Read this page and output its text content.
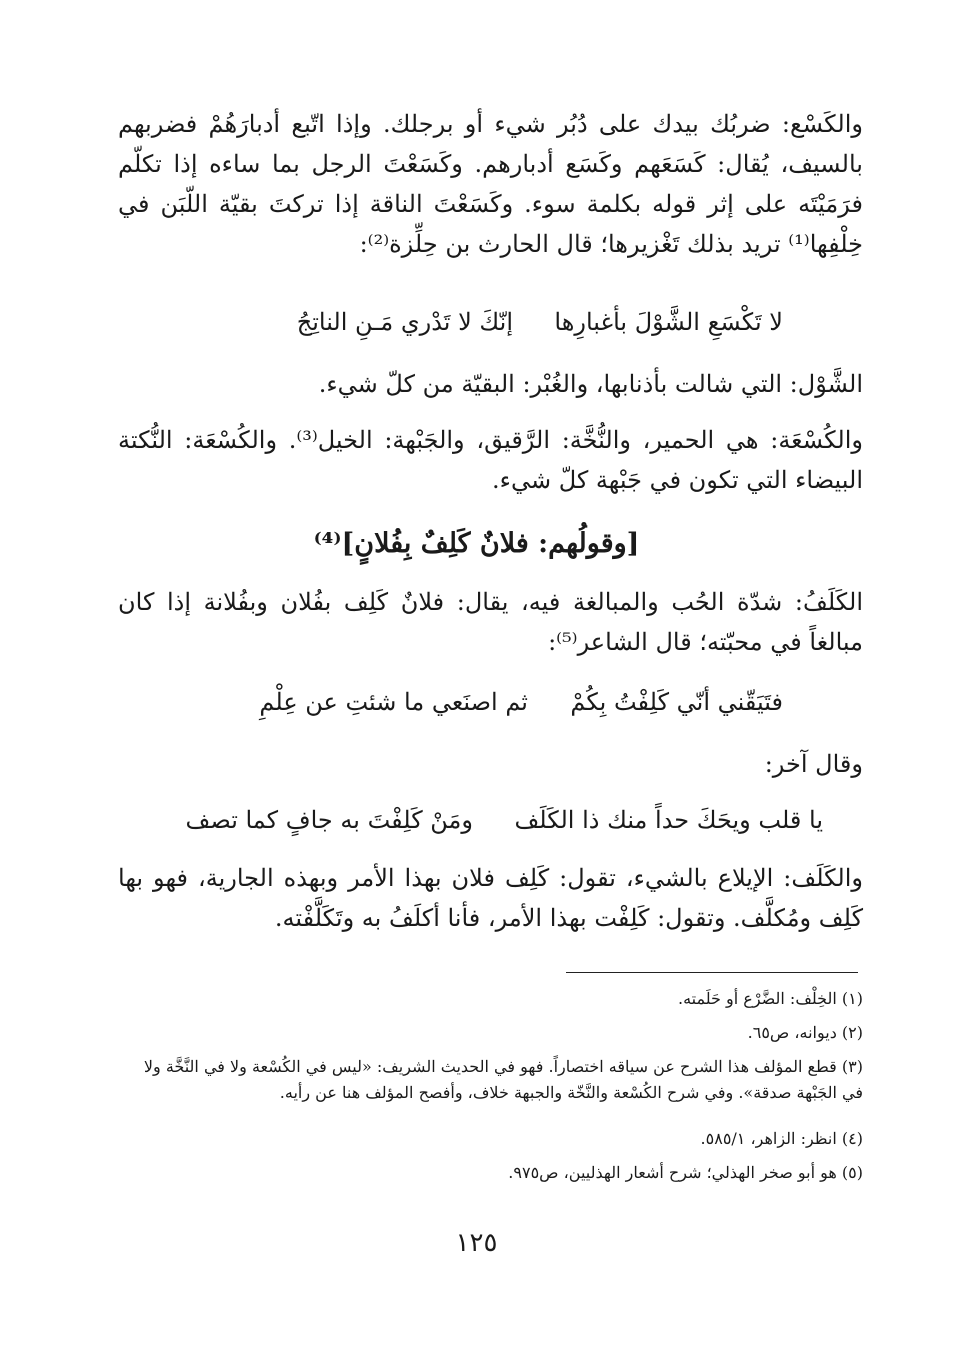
والكَسْع: ضربُك بيدك على دُبُر شيء أو برجلك. وإذا اتّبع أدبارَهُمْ فضربهم بالسيف، يُقال: كَسَعَهم وكَسَع أدبارهم. وكَسَعْتَ الرجل بما ساءه إذا تكلّم فرَمَيْتَه على إثر قوله بكلمة سوء. وكَسَعْتَ الناقة إذا تركتَ بقيّة اللّبَن في خِلْفِها⁽¹⁾ تريد بذلك تَغْزيرها؛ قال الحارث بن حِلِّزة⁽²⁾:

لا تَكْسَعِ الشَّوْلَ بأغبارِها
إنّكَ لا تَدْري مَـنِ الناتِجُ

الشَّوْل: التي شالت بأذنابها، والغُبْر: البقيّة من كلّ شيء.

والكُسْعَة: هي الحمير، والنُّخَّة: الرَّقيق، والجَبْهة: الخيل⁽³⁾. والكُسْعَة: النُّكتة البيضاء التي تكون في جَبْهة كلّ شيء.

[وقولُهم: فلانٌ كَلِفٌ بِفُلانٍ]⁽⁴⁾

الكَلَفُ: شدّة الحُب والمبالغة فيه، يقال: فلانٌ كَلِف بفُلان وبفُلانة إذا كان مبالغاً في محبّته؛ قال الشاعر⁽⁵⁾:

فتَيَقّني أنّي كَلِفْتُ بِكُمْ
ثم اصنَعي ما شئتِ عن عِلْمِ

وقال آخر:

يا قلب ويحَكَ حداً منك ذا الكَلَف
ومَنْ كَلِفْتَ به جافٍ كما تصف

والكَلَف: الإيلاع بالشيء، تقول: كَلِف فلان بهذا الأمر وبهذه الجارية، فهو بها كَلِف ومُكلَّف. وتقول: كَلِفْت بهذا الأمر، فأنا أكلَفُ به وتَكَلَّفْته.

(١) الخِلْف: الضَّرْع أو حَلَمته.

(٢) ديوانه، ص٦٥.

(٣) قطع المؤلف هذا الشرح عن سياقه اختصاراً. فهو في الحديث الشريف: «ليس في الكُسْعة ولا في النَّخَّة ولا في الجَبْهة صدقة». وفي شرح الكُسْعة والنَّخّة والجبهة خلاف، وأفصح المؤلف هنا عن رأيه.

(٤) انظر: الزاهر، ٥٨٥/١.

(٥) هو أبو صخر الهذلي؛ شرح أشعار الهذليين، ص٩٧٥.

١٢٥
